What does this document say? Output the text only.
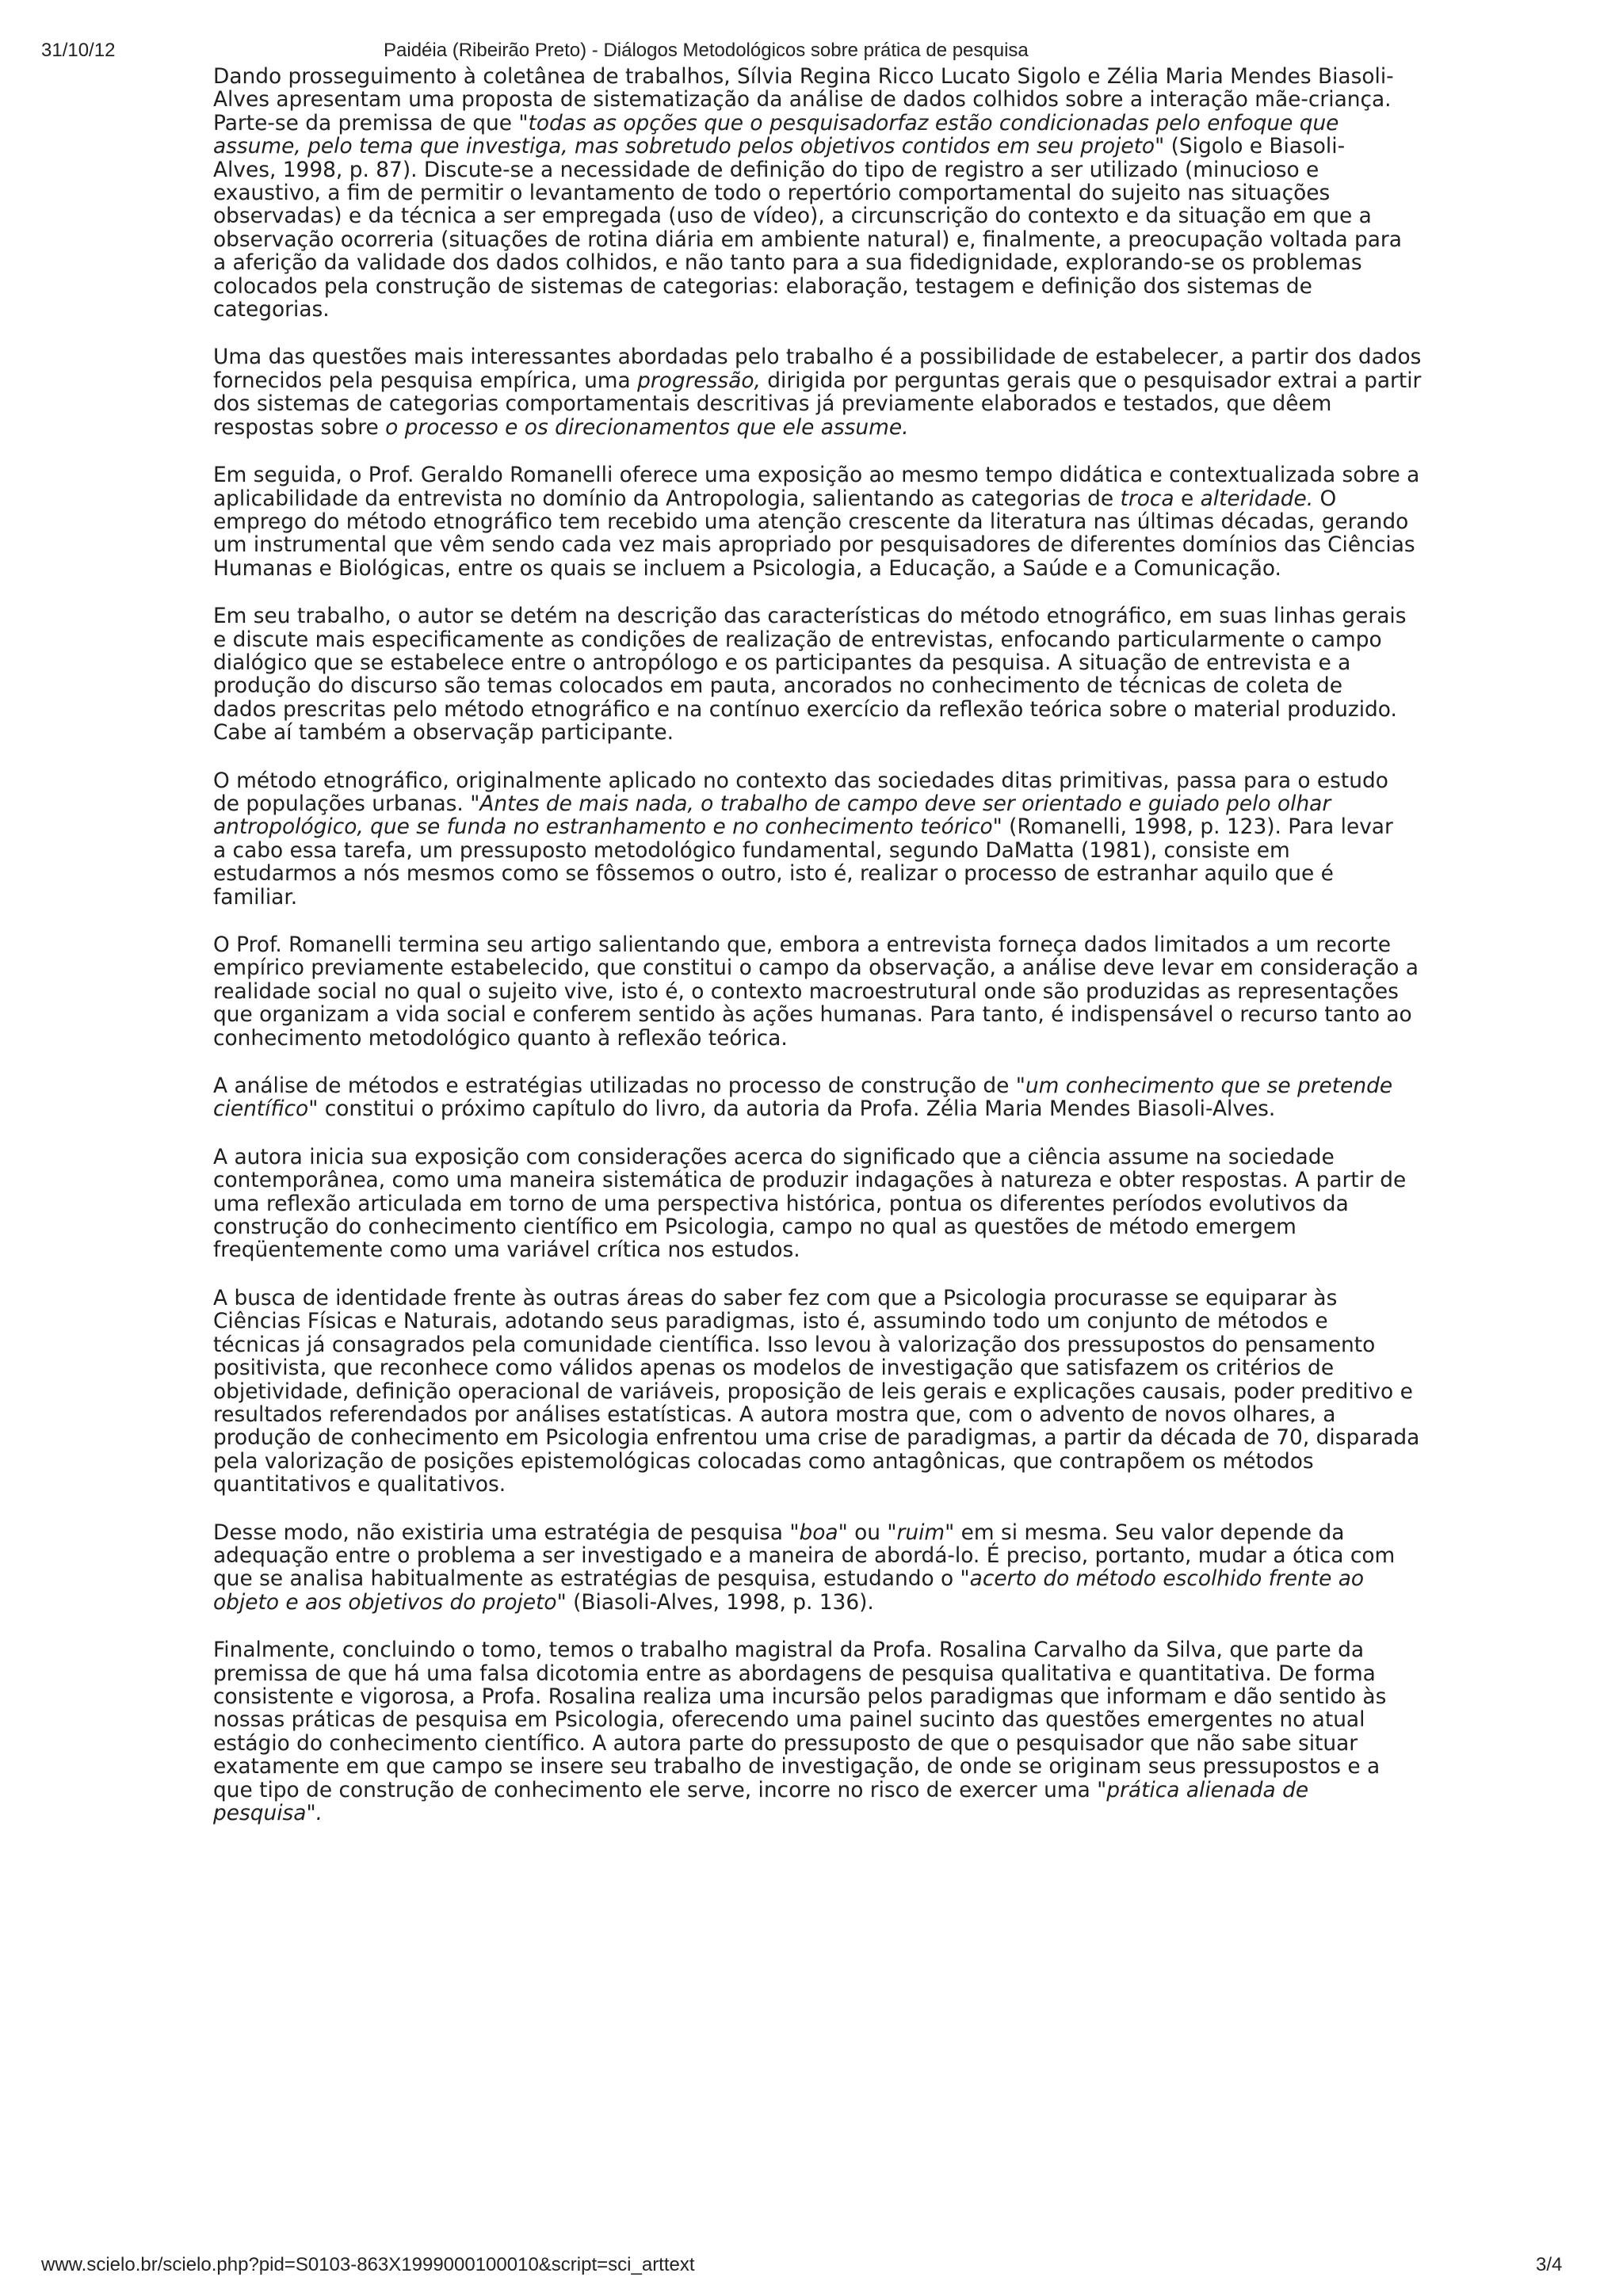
31/10/12	Paidéia (Ribeirão Preto) - Diálogos Metodológicos sobre prática de pesquisa

Dando prosseguimento à coletânea de trabalhos, Sílvia Regina Ricco Lucato Sigolo e Zélia Maria Mendes Biasoli-
Alves apresentam uma proposta de sistematização da análise de dados colhidos sobre a interação mãe-criança.
Parte-se da premissa de que "todas as opções que o pesquisadorfaz estão condicionadas pelo enfoque que
assume, pelo tema que investiga, mas sobretudo pelos objetivos contidos em seu projeto" (Sigolo e Biasoli-
Alves, 1998, p. 87). Discute-se a necessidade de definição do tipo de registro a ser utilizado (minucioso e
exaustivo, a fim de permitir o levantamento de todo o repertório comportamental do sujeito nas situações
observadas) e da técnica a ser empregada (uso de vídeo), a circunscrição do contexto e da situação em que a
observação ocorreria (situações de rotina diária em ambiente natural) e, finalmente, a preocupação voltada para
a aferição da validade dos dados colhidos, e não tanto para a sua fidedignidade, explorando-se os problemas
colocados pela construção de sistemas de categorias: elaboração, testagem e definição dos sistemas de
categorias.

Uma das questões mais interessantes abordadas pelo trabalho é a possibilidade de estabelecer, a partir dos dados
fornecidos pela pesquisa empírica, uma progressão, dirigida por perguntas gerais que o pesquisador extrai a partir
dos sistemas de categorias comportamentais descritivas já previamente elaborados e testados, que dêem
respostas sobre o processo e os direcionamentos que ele assume.

Em seguida, o Prof. Geraldo Romanelli oferece uma exposição ao mesmo tempo didática e contextualizada sobre a
aplicabilidade da entrevista no domínio da Antropologia, salientando as categorias de troca e alteridade. O
emprego do método etnográfico tem recebido uma atenção crescente da literatura nas últimas décadas, gerando
um instrumental que vêm sendo cada vez mais apropriado por pesquisadores de diferentes domínios das Ciências
Humanas e Biológicas, entre os quais se incluem a Psicologia, a Educação, a Saúde e a Comunicação.

Em seu trabalho, o autor se detém na descrição das características do método etnográfico, em suas linhas gerais
e discute mais especificamente as condições de realização de entrevistas, enfocando particularmente o campo
dialógico que se estabelece entre o antropólogo e os participantes da pesquisa. A situação de entrevista e a
produção do discurso são temas colocados em pauta, ancorados no conhecimento de técnicas de coleta de
dados prescritas pelo método etnográfico e na contínuo exercício da reflexão teórica sobre o material produzido.
Cabe aí também a observaçãp participante.

O método etnográfico, originalmente aplicado no contexto das sociedades ditas primitivas, passa para o estudo
de populações urbanas. "Antes de mais nada, o trabalho de campo deve ser orientado e guiado pelo olhar
antropológico, que se funda no estranhamento e no conhecimento teórico" (Romanelli, 1998, p. 123). Para levar
a cabo essa tarefa, um pressuposto metodológico fundamental, segundo DaMatta (1981), consiste em
estudarmos a nós mesmos como se fôssemos o outro, isto é, realizar o processo de estranhar aquilo que é
familiar.

O Prof. Romanelli termina seu artigo salientando que, embora a entrevista forneça dados limitados a um recorte
empírico previamente estabelecido, que constitui o campo da observação, a análise deve levar em consideração a
realidade social no qual o sujeito vive, isto é, o contexto macroestrutural onde são produzidas as representações
que organizam a vida social e conferem sentido às ações humanas. Para tanto, é indispensável o recurso tanto ao
conhecimento metodológico quanto à reflexão teórica.

A análise de métodos e estratégias utilizadas no processo de construção de "um conhecimento que se pretende
científico" constitui o próximo capítulo do livro, da autoria da Profa. Zélia Maria Mendes Biasoli-Alves.

A autora inicia sua exposição com considerações acerca do significado que a ciência assume na sociedade
contemporânea, como uma maneira sistemática de produzir indagações à natureza e obter respostas. A partir de
uma reflexão articulada em torno de uma perspectiva histórica, pontua os diferentes períodos evolutivos da
construção do conhecimento científico em Psicologia, campo no qual as questões de método emergem
freqüentemente como uma variável crítica nos estudos.

A busca de identidade frente às outras áreas do saber fez com que a Psicologia procurasse se equiparar às
Ciências Físicas e Naturais, adotando seus paradigmas, isto é, assumindo todo um conjunto de métodos e
técnicas já consagrados pela comunidade científica. Isso levou à valorização dos pressupostos do pensamento
positivista, que reconhece como válidos apenas os modelos de investigação que satisfazem os critérios de
objetividade, definição operacional de variáveis, proposição de leis gerais e explicações causais, poder preditivo e
resultados referendados por análises estatísticas. A autora mostra que, com o advento de novos olhares, a
produção de conhecimento em Psicologia enfrentou uma crise de paradigmas, a partir da década de 70, disparada
pela valorização de posições epistemológicas colocadas como antagônicas, que contrapõem os métodos
quantitativos e qualitativos.

Desse modo, não existiria uma estratégia de pesquisa "boa" ou "ruim" em si mesma. Seu valor depende da
adequação entre o problema a ser investigado e a maneira de abordá-lo. É preciso, portanto, mudar a ótica com
que se analisa habitualmente as estratégias de pesquisa, estudando o "acerto do método escolhido frente ao
objeto e aos objetivos do projeto" (Biasoli-Alves, 1998, p. 136).

Finalmente, concluindo o tomo, temos o trabalho magistral da Profa. Rosalina Carvalho da Silva, que parte da
premissa de que há uma falsa dicotomia entre as abordagens de pesquisa qualitativa e quantitativa. De forma
consistente e vigorosa, a Profa. Rosalina realiza uma incursão pelos paradigmas que informam e dão sentido às
nossas práticas de pesquisa em Psicologia, oferecendo uma painel sucinto das questões emergentes no atual
estágio do conhecimento científico. A autora parte do pressuposto de que o pesquisador que não sabe situar
exatamente em que campo se insere seu trabalho de investigação, de onde se originam seus pressupostos e a
que tipo de construção de conhecimento ele serve, incorre no risco de exercer uma "prática alienada de
pesquisa".

www.scielo.br/scielo.php?pid=S0103-863X1999000100010&script=sci_arttext	3/4
